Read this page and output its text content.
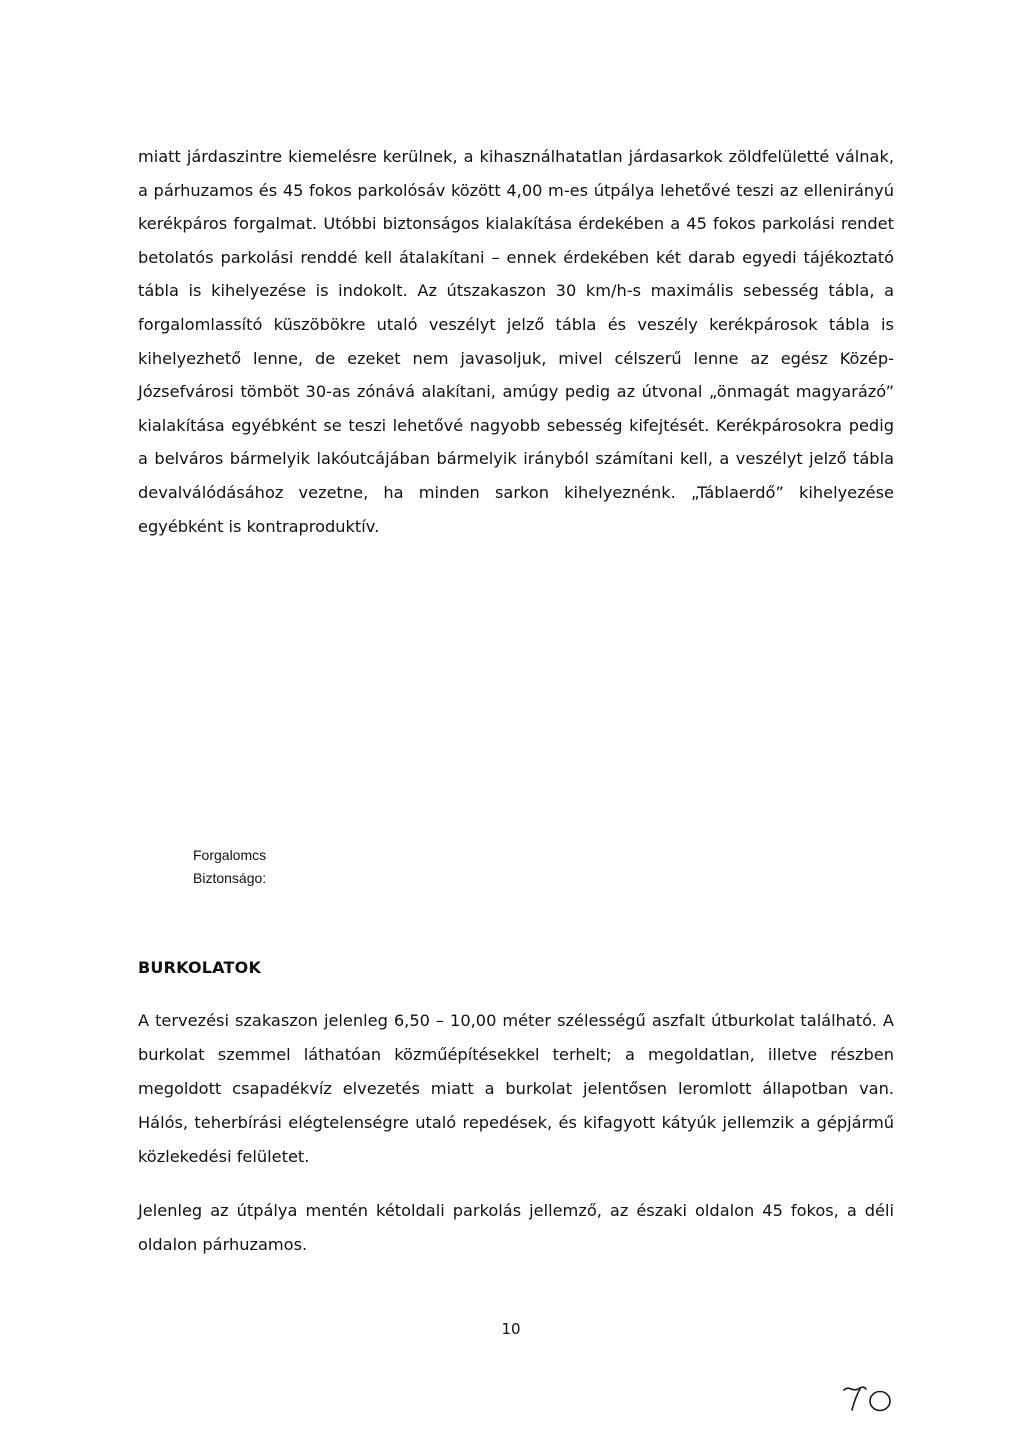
miatt járdaszintre kiemelésre kerülnek, a kihasználhatatlan járdasarkok zöldfelületté válnak, a párhuzamos és 45 fokos parkolósáv között 4,00 m-es útpálya lehetővé teszi az ellenirányú kerékpáros forgalmat. Utóbbi biztonságos kialakítása érdekében a 45 fokos parkolási rendet betolatós parkolási renddé kell átalakítani – ennek érdekében két darab egyedi tájékoztató tábla is kihelyezése is indokolt. Az útszakaszon 30 km/h-s maximális sebesség tábla, a forgalomlassító küszöbökre utaló veszélyt jelző tábla és veszély kerékpárosok tábla is kihelyezhető lenne, de ezeket nem javasoljuk, mivel célszerű lenne az egész Közép-Józsefvárosi tömböt 30-as zónává alakítani, amúgy pedig az útvonal „önmagát magyarázó” kialakítása egyébként se teszi lehetővé nagyobb sebesség kifejtését. Kerékpárosokra pedig a belváros bármelyik lakóutcájában bármelyik irányból számítani kell, a veszélyt jelző tábla devalválódásához vezetne, ha minden sarkon kihelyeznénk. „Táblaerdő” kihelyezése egyébként is kontraproduktív.

Forgalomcs
Biztonságo:
BURKOLATOK

A tervezési szakaszon jelenleg 6,50 – 10,00 méter szélességű aszfalt útburkolat található. A burkolat szemmel láthatóan közműépítésekkel terhelt; a megoldatlan, illetve részben megoldott csapadékvíz elvezetés miatt a burkolat jelentősen leromlott állapotban van. Hálós, teherbírási elégtelenségre utaló repedések, és kifagyott kátyúk jellemzik a gépjármű közlekedési felületet.

Jelenleg az útpálya mentén kétoldali parkolás jellemző, az északi oldalon 45 fokos, a déli oldalon párhuzamos.

10
